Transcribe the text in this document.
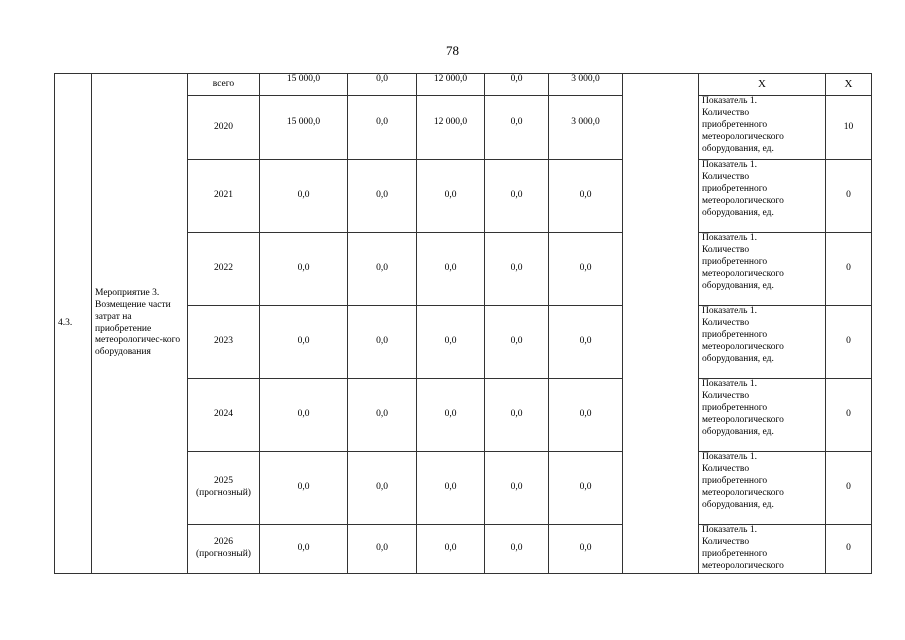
78
4.3.	Мероприятие 3. Возмещение части затрат на приобретение метеорологичес-кого оборудования	всего	15 000,0	0,0	12 000,0	0,0	3 000,0		Х	Х
		2020	15 000,0	0,0	12 000,0	0,0	3 000,0		Показатель 1.
Количество
приобретенного
метеорологического
оборудования, ед.	10
		2021	0,0	0,0	0,0	0,0	0,0		Показатель 1.
Количество
приобретенного
метеорологического
оборудования, ед.	0
		2022	0,0	0,0	0,0	0,0	0,0		Показатель 1.
Количество
приобретенного
метеорологического
оборудования, ед.	0
		2023	0,0	0,0	0,0	0,0	0,0		Показатель 1.
Количество
приобретенного
метеорологического
оборудования, ед.	0
		2024	0,0	0,0	0,0	0,0	0,0		Показатель 1.
Количество
приобретенного
метеорологического
оборудования, ед.	0

		2025
(прогнозный)	0,0	0,0	0,0	0,0	0,0		Показатель 1.
Количество
приобретенного
метеорологического
оборудования, ед.	0

		2026
(прогнозный)	0,0	0,0	0,0	0,0	0,0		Показатель 1.
Количество
приобретенного
метеорологического	0
